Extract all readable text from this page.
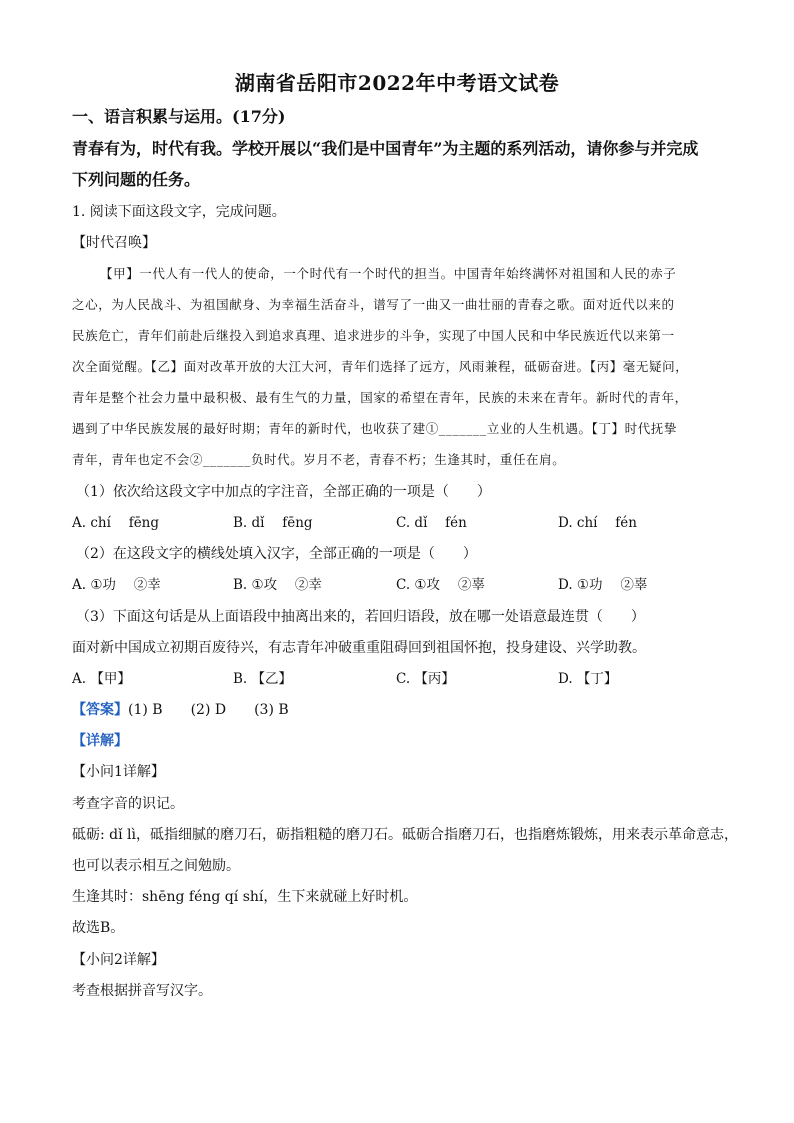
湖南省岳阳市2022年中考语文试卷
一、语言积累与运用。(17分)
青春有为，时代有我。学校开展以“我们是中国青年”为主题的系列活动，请你参与并完成
下列问题的任务。
1. 阅读下面这段文字，完成问题。
【时代召唤】
【甲】一代人有一代人的使命，一个时代有一个时代的担当。中国青年始终满怀对祖国和人民的赤子
之心，为人民战斗、为祖国献身、为幸福生活奋斗，谱写了一曲又一曲壮丽的青春之歌。面对近代以来的
民族危亡，青年们前赴后继投入到追求真理、追求进步的斗争，实现了中国人民和中华民族近代以来第一
次全面觉醒。【乙】面对改革开放的大江大河，青年们选择了远方，风雨兼程，砥砺奋进。【丙】毫无疑问，
青年是整个社会力量中最积极、最有生气的力量，国家的希望在青年，民族的未来在青年。新时代的青年，
遇到了中华民族发展的最好时期；青年的新时代，也收获了建①_______立业的人生机遇。【丁】时代抚挚
青年，青年也定不会②_______负时代。岁月不老，青春不朽；生逢其时，重任在肩。
（1）依次给这段文字中加点的字注音，全部正确的一项是（　　）
A. chí　 fēng	B. dǐ　 fēng	C. dǐ　 fén	D. chí　 fén
（2）在这段文字的横线处填入汉字，全部正确的一项是（　　）
A. ①功　 ②幸	B. ①攻　 ②幸	C. ①攻　 ②辜	D. ①功　 ②辜
（3）下面这句话是从上面语段中抽离出来的，若回归语段，放在哪一处语意最连贯（　　）
面对新中国成立初期百废待兴，有志青年冲破重重阻碍回到祖国怀抱，投身建设、兴学助教。
A. 【甲】	B. 【乙】	C. 【丙】	D. 【丁】
【答案】(1) B　　(2) D　　(3) B
【详解】
【小问1详解】
考查字音的识记。
砥砺: dǐ lì，砥指细腻的磨刀石，砺指粗糙的磨刀石。砥砺合指磨刀石，也指磨炼锻炼，用来表示革命意志，
也可以表示相互之间勉励。
生逢其时：shēng féng qí shí，生下来就碰上好时机。
故选B。
【小问2详解】
考查根据拼音写汉字。
